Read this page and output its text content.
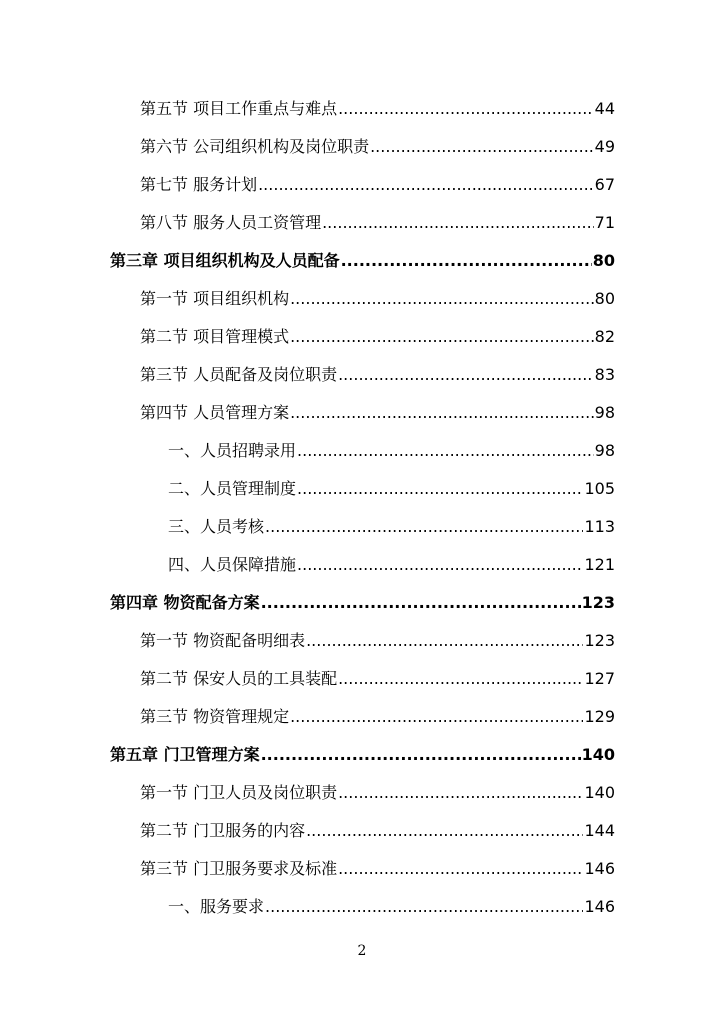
第五节 项目工作重点与难点 .....	44
第六节 公司组织机构及岗位职责 .....	49
第七节 服务计划 .....	67
第八节 服务人员工资管理 .....	71
第三章 项目组织机构及人员配备 .....	80
第一节 项目组织机构 .....	80
第二节 项目管理模式 .....	82
第三节 人员配备及岗位职责 .....	83
第四节 人员管理方案 .....	98
一、人员招聘录用 .....	98
二、人员管理制度 .....	105
三、人员考核 .....	113
四、人员保障措施 .....	121
第四章 物资配备方案 .....	123
第一节 物资配备明细表 .....	123
第二节 保安人员的工具装配 .....	127
第三节 物资管理规定 .....	129
第五章 门卫管理方案 .....	140
第一节 门卫人员及岗位职责 .....	140
第二节 门卫服务的内容 .....	144
第三节 门卫服务要求及标准 .....	146
一、服务要求 .....	146
2
